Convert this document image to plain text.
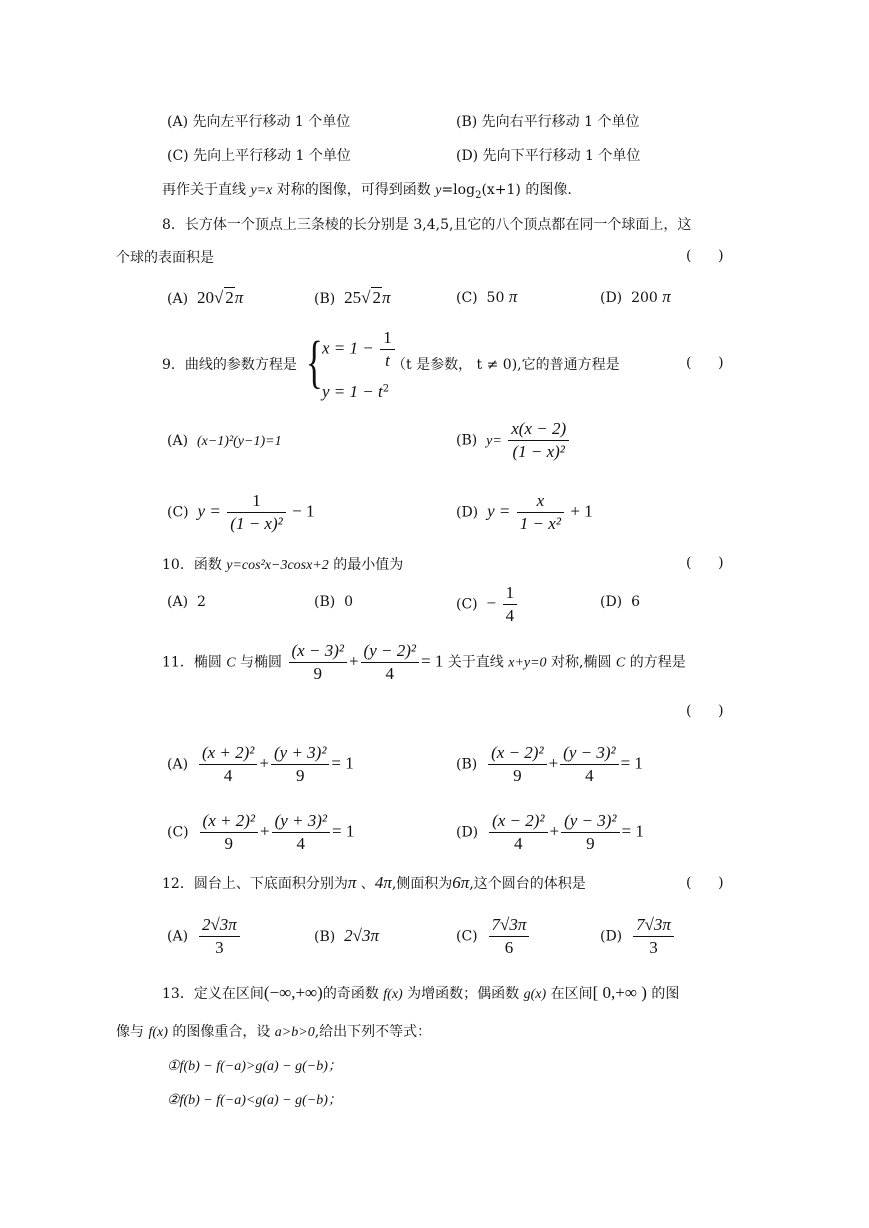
(A) 先向左平行移动 1 个单位	(B) 先向右平行移动 1 个单位
(C) 先向上平行移动 1 个单位	(D) 先向下平行移动 1 个单位
再作关于直线 y=x 对称的图像，可得到函数 $y=\log_2(x+1)$ 的图像.
8．长方体一个顶点上三条棱的长分别是 3,4,5,且它的八个顶点都在同一个球面上，这
个球的表面积是	(      )
(A) 20√ 2π	(B) 25√ 2π	(C) 50 π	(D) 200 π
9．曲线的参数方程是 { $x = 1 - \frac{1}{t}$
$y = 1 - t^2$
（t 是参数， t ≠ 0),它的普通方程是	(      )
(A) (x−1)²(y−1)=1	(B) $y= \frac{x(x - 2)}{\text{(1 − x)²}}$
(C) $y = \frac{1}{\text{(1 − x)²}} - 1$	(D) $y = \frac{x}{\text{1 − x²}} + 1$
10．函数 y=cos²x−3cosx+2 的最小值为	(      )
(A) 2	(B) 0	$(C) - \frac{1}{4}$	(D) 6
11．椭圆 C 与椭圆 $\frac{\text{(x − 3)²}}{9} + \frac{\text{(y − 2)²}}{4} = 1$ 关于直线 x+y=0 对称,椭圆 C 的方程是
(      )
$(A) \frac{\text{(x + 2)²}}{4} + \frac{\text{(y + 3)²}}{9} = 1$	$(B) \frac{\text{(x − 2)²}}{9} + \frac{\text{(y − 3)²}}{4} = 1$
$(C) \frac{\text{(x + 2)²}}{9} + \frac{\text{(y + 3)²}}{4} = 1$	$(D) \frac{\text{(x − 2)²}}{4} + \frac{\text{(y − 3)²}}{9} = 1$
12．圆台上、下底面积分别为π 、4π,侧面积为6π,这个圆台的体积是	(      )
$(A) \frac{2√3\pi}{3}$	(B) 2√3π	$(C) \frac{7√3\pi}{6}$	$(D) \frac{7√3\pi}{3}$
13．定义在区间(−∞,+∞)的奇函数 f(x) 为增函数；偶函数 g(x) 在区间[ 0,+∞ ) 的图
像与 f(x) 的图像重合，设 a>b>0,给出下列不等式：
①f(b) − f(−a)>g(a) − g(−b)；
②f(b) − f(−a)<g(a) − g(−b)；
